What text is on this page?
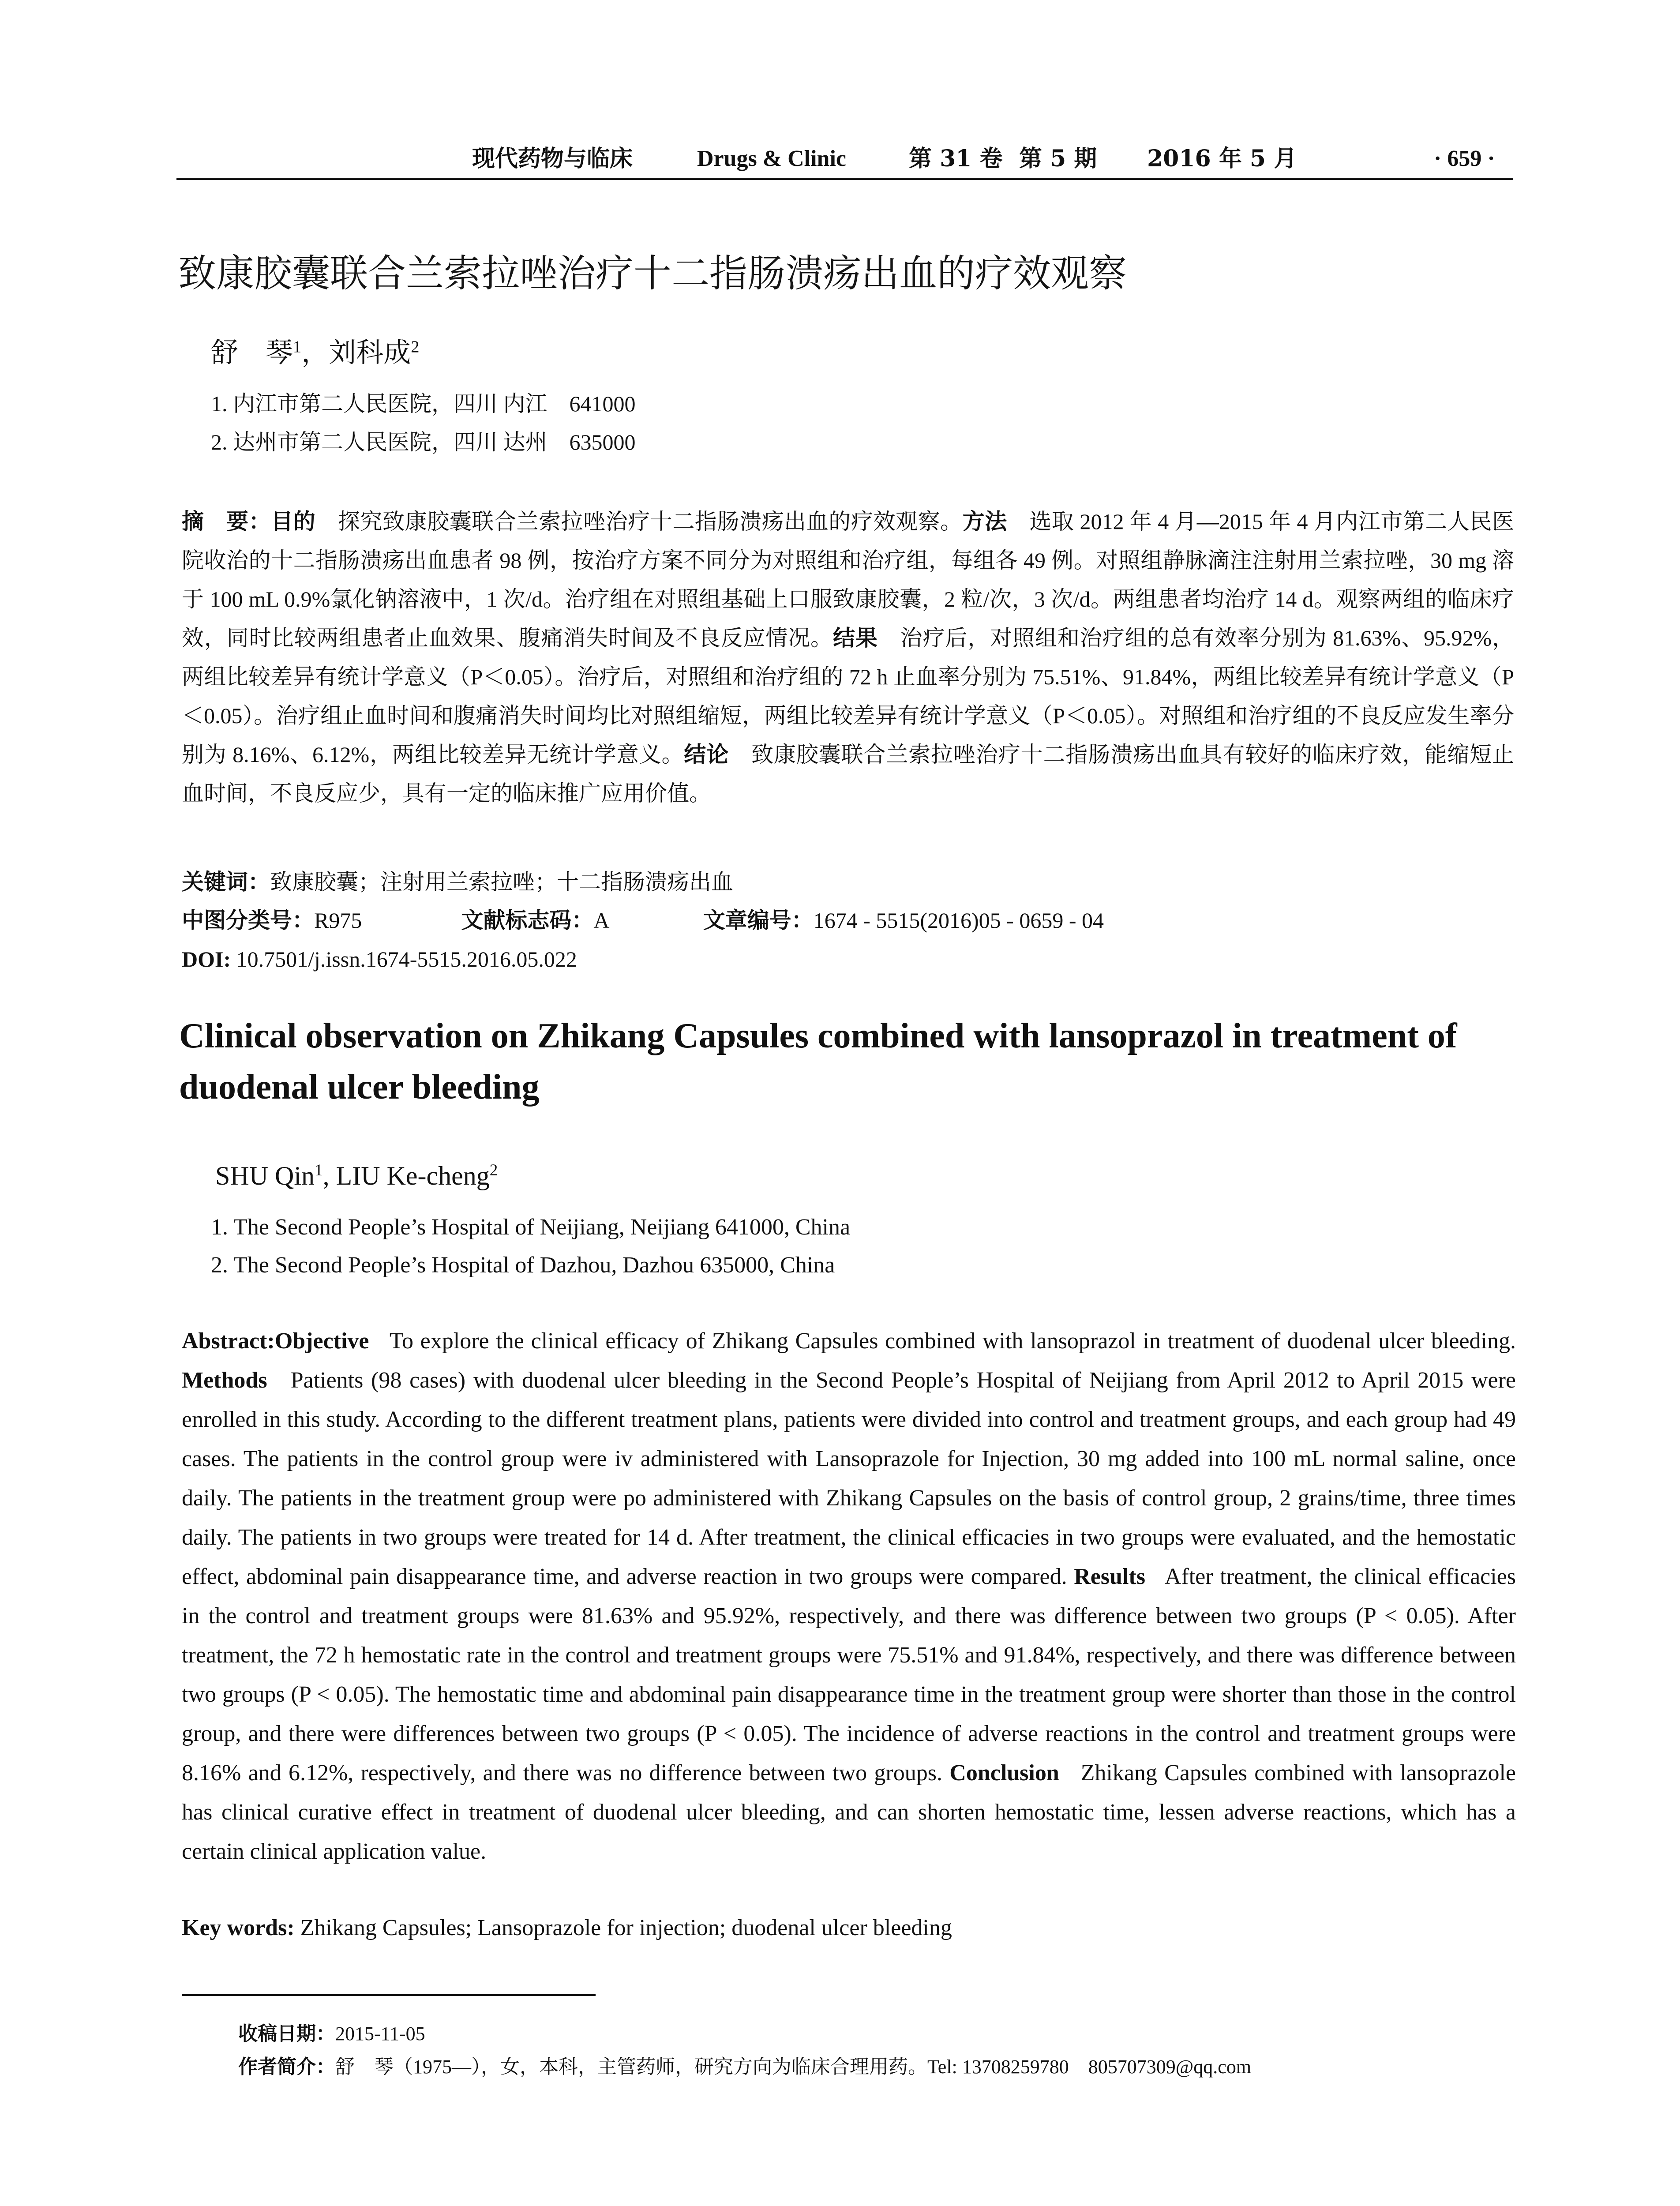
现代药物与临床	Drugs & Clinic	第 31 卷 第 5 期 2016 年 5 月	· 659 ·
致康胶囊联合兰索拉唑治疗十二指肠溃疡出血的疗效观察
舒　琴$^1$，刘科成$^2$
1. 内江市第二人民医院，四川 内江　641000
2. 达州市第二人民医院，四川 达州　635000
摘　要：目的　 探究致康胶囊联合兰索拉唑治疗十二指肠溃疡出血的疗效观察。方法　 选取 2012 年 4 月—2015 年 4 月内江市第二人民医院收治的十二指肠溃疡出血患者 98 例，按治疗方案不同分为对照组和治疗组，每组各 49 例。对照组静脉滴注注射用兰索拉唑，30 mg 溶于 100 mL 0.9%氯化钠溶液中，1 次/d。治疗组在对照组基础上口服致康胶囊，2 粒/次，3 次/d。两组患者均治疗 14 d。观察两组的临床疗效，同时比较两组患者止血效果、腹痛消失时间及不良反应情况。结果　 治疗后，对照组和治疗组的总有效率分别为 81.63%、95.92%，两组比较差异有统计学意义（P＜0.05）。治疗后，对照组和治疗组的 72 h 止血率分别为 75.51%、91.84%，两组比较差异有统计学意义（P＜0.05）。治疗组止血时间和腹痛消失时间均比对照组缩短，两组比较差异有统计学意义（P＜0.05）。对照组和治疗组的不良反应发生率分别为 8.16%、6.12%，两组比较差异无统计学意义。结论　 致康胶囊联合兰索拉唑治疗十二指肠溃疡出血具有较好的临床疗效，能缩短止血时间，不良反应少，具有一定的临床推广应用价值。
关键词：致康胶囊；注射用兰索拉唑；十二指肠溃疡出血
中图分类号：R975	文献标志码：A	文章编号：1674 - 5515(2016)05 - 0659 - 04
DOI: 10.7501/j.issn.1674-5515.2016.05.022
Clinical observation on Zhikang Capsules combined with lansoprazol in treatment of duodenal ulcer bleeding
SHU Qin$^1$, LIU Ke-cheng$^2$
1. The Second People’s Hospital of Neijiang, Neijiang 641000, China
2. The Second People’s Hospital of Dazhou, Dazhou 635000, China
Abstract:Objective To explore the clinical efficacy of Zhikang Capsules combined with lansoprazol in treatment of duodenal ulcer bleeding. Methods Patients (98 cases) with duodenal ulcer bleeding in the Second People’s Hospital of Neijiang from April 2012 to April 2015 were enrolled in this study. According to the different treatment plans, patients were divided into control and treatment groups, and each group had 49 cases. The patients in the control group were iv administered with Lansoprazole for Injection, 30 mg added into 100 mL normal saline, once daily. The patients in the treatment group were po administered with Zhikang Capsules on the basis of control group, 2 grains/time, three times daily. The patients in two groups were treated for 14 d. After treatment, the clinical efficacies in two groups were evaluated, and the hemostatic effect, abdominal pain disappearance time, and adverse reaction in two groups were compared. Results After treatment, the clinical efficacies in the control and treatment groups were 81.63% and 95.92%, respectively, and there was difference between two groups (P < 0.05). After treatment, the 72 h hemostatic rate in the control and treatment groups were 75.51% and 91.84%, respectively, and there was difference between two groups (P < 0.05). The hemostatic time and abdominal pain disappearance time in the treatment group were shorter than those in the control group, and there were differences between two groups (P < 0.05). The incidence of adverse reactions in the control and treatment groups were 8.16% and 6.12%, respectively, and there was no difference between two groups. Conclusion Zhikang Capsules combined with lansoprazole has clinical curative effect in treatment of duodenal ulcer bleeding, and can shorten hemostatic time, lessen adverse reactions, which has a certain clinical application value.
Key words: Zhikang Capsules; Lansoprazole for injection; duodenal ulcer bleeding
收稿日期：2015-11-05
作者简介：舒　琴（1975—），女，本科，主管药师，研究方向为临床合理用药。Tel: 13708259780　805707309@qq.com
